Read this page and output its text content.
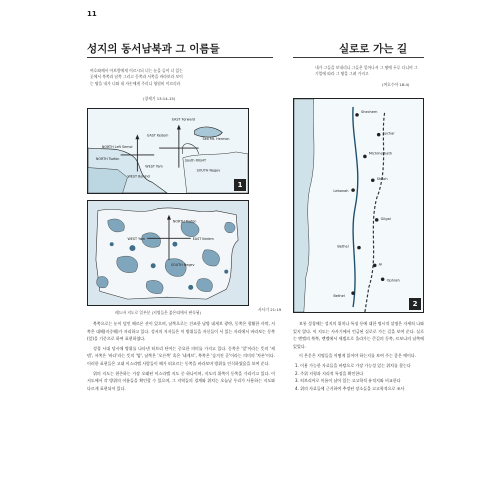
11
성지의 동서남북과 그 이름들	실로로 가는 길
여호와께서 아브람에게 이르시되 너는 눈을 들어 너 있는 곳에서 북쪽과 남쪽 그리고 동쪽과 서쪽을 바라보라 보이는 땅을 내가 너와 네 자손에게 주리니 영원히 이르리라
(창세기 13:14-15)
내가 그들을 보내리니 그들은 일어나서 그 땅에 두루 다니며 그 기업에 따라 그 땅을 그려 가지고
(여호수아 18:4)
EAST Forward
NORTH Left Semol
South RIGHT
WEST Behind
SOUTH Negev
EAST Kedem
NORTH Tsafon
WEST Yam
Sea Mt. Hermon
1
NORTH Tsafon
WEST Yam	EAST Kedem
SOUTH Negev
Shechem
Sychar
Michmethath
Shiloh
Lebonah
Gilgal
Bethel
Ai
Ophrah
Bethel
2
레드바 지도로 일부분 (지명들은 붉은띠에서 판독됨)
사사기 21:19

북쪽으로는 눈이 덮인 헤르몬 산이 있으며, 남쪽으로는 건조한 남방 네게브 광야, 동쪽은 광활한 사막, 서쪽은 대해(지중해)가 자리하고 있다. 성서의 저자들은 이 방위들을 자신들이 서 있는 자리에서 바라보는 동쪽(앞)을 기준으로 하여 표현하였다.

성경 시대 당시에 방위를 나타낸 히브리 단어는 중요한 의미를 가지고 있다. 동쪽은 '앞'이라는 뜻의 '케뎀', 서쪽은 '바다'라는 뜻의 '얌', 남쪽은 '오른쪽' 혹은 '네게브', 북쪽은 '숨겨진 곳'이라는 의미의 '차폰'이다. 이러한 표현들은 고대 이스라엘 사람들이 해가 떠오르는 동쪽을 바라보며 방위를 인식하였음을 보여 준다.

위의 지도는 현존하는 가장 오래된 이스라엘 지도 중 하나이며, 지도의 위쪽이 동쪽을 가리키고 있다. 이 지도에서 각 방위의 이름들을 확인할 수 있으며, 그 지역들의 경계와 위치는 오늘날 우리가 사용하는 지도와 다르게 표현되어 있다.

보통 성경에는 성지의 위치나 특징 등에 대한 명시적 설명은 자세히 나와 있지 않다. 이 지도는 사사기에서 언급된 실로로 가는 길을 보여 준다. 실로는 벧엘의 북쪽, 벧엘에서 세겜으로 올라가는 큰길의 동쪽, 르보나의 남쪽에 있었다.

이 본문은 지명들을 어떻게 읽어야 하는지를 보여 주는 좋은 예이다.

1. 이용 가능한 자료들을 바탕으로 가장 가능성 있는 위치를 찾는다
2. 주위 지형과 지리적 특징을 확인한다
3. 히브리어로 이름이 남아 있는 고고학적 유적지와 비교한다
4. 위의 자료들에 근거하여 추정된 장소들을 고고학적으로 조사
